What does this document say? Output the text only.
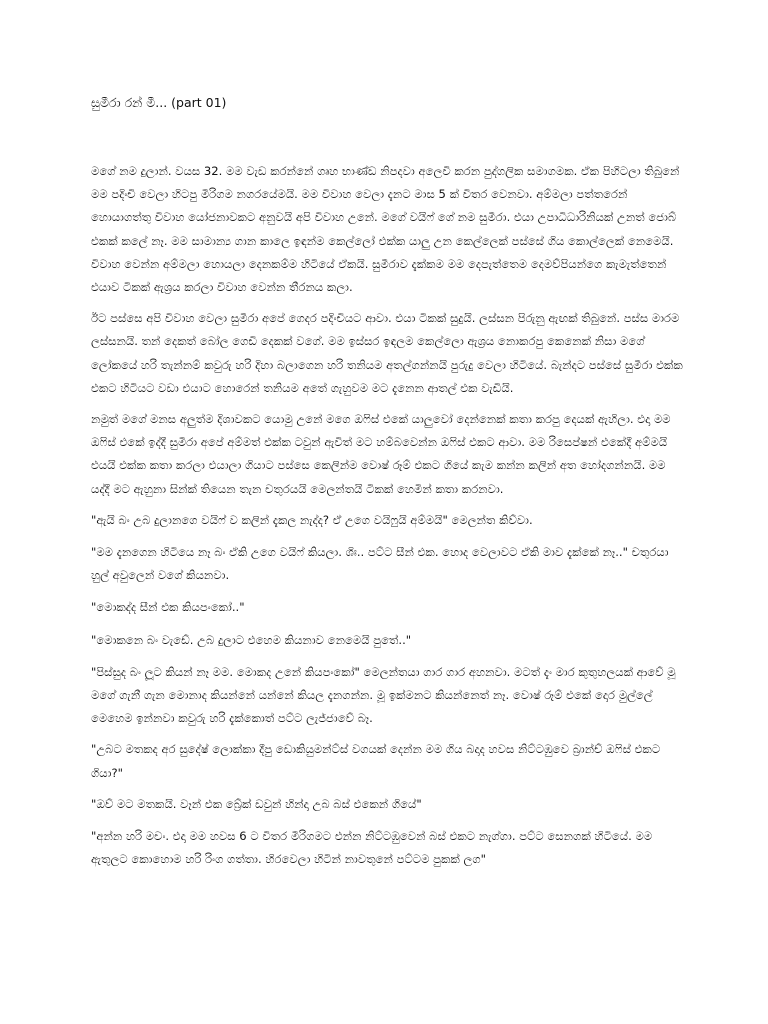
සුමීරා රන් මී... (part 01)

මගේ නම දුලාන්. වයස 32. මම වැඩ කරන්නේ ගෘහ භාණ්ඩ නිපදවා අලෙවි කරන පුද්ගලික සමාගමක. ඒක පිහිටලා තිබුනේ මම පදිංචි වෙලා හිටපු මීරිගම නගරයේමයි. මම විවාහ වෙලා දැනට මාස 5 ක් විතර වෙනවා. අම්මලා පත්තරෙන් හොයාගත්තු විවාහ යෝජනාවකට අනුවයි අපි විවාහ උනේ. මගේ වයිෆ් ගේ නම සුමීරා. එයා උපාධිධාරිනියක් උනත් ජොබ් එකක් කලේ නෑ. මම සාමාන්‍ය ගාන කාලෙ ඉඳන්ම කෙල්ලෝ එක්ක යාලු උන කෙල්ලෙක් පස්සේ ගිය කොල්ලෙක් නෙමෙයි. විවාහ වෙන්න අම්මලා හොයලා දෙනකම්ම හිටියේ ඒකයි. සුමීරාව දැක්කම මම දෙපැත්තෙම දෙමව්පියන්ගෙ කැමැත්තෙන් එයාව ටිකක් ඇශ්‍රය කරලා විවාහ වෙන්න තීරනය කලා.

ඊට පස්සෙ අපි විවාහ වෙලා සුමීරා අපේ ගෙදර පදිංචියට ආවා. එයා ටිකක් සුදුයි. ලස්සන පිරුනු ඇඟක් තිබුනේ. පස්ස මාරම ලස්සනයි. තන් දෙකත් බෝල ගෙඩි දෙකක් වගේ. මම ඉස්සර ඉඳලම කෙල්ලො ඇශ්‍රය නොකරපු කෙනෙක් නිසා මගේ ලෝකයේ හරි තැන්නම් කවුරු හරි දිහා බලාගෙන හරි තනියම අතල්ගන්නයි පුරුදු වෙලා හිටියේ. බැන්දට පස්සේ සුමීරා එක්ක එකට හිටියට වඩා එයාට හොරෙන් තනියම අතේ ගැහුවම මට දැනෙන ආතල් එක වැඩියි.

නමුත් මගේ මනස අලුත්ම දිශාවකට යොමු උනේ මගෙ ඔෆිස් එකේ යාලුවෝ දෙන්නෙක් කතා කරපු දෙයක් ඇහිලා. එදා මම ඔෆිස් එකේ ඉද්දී සුමීරා අපේ අම්මත් එක්ක ටවුන් ඇවිත් මට හම්බවෙන්න ඔෆිස් එකට ආවා. මම රිසෙප්ෂන් එකේදී අම්මයි එයයි එක්ක කතා කරලා එයාලා ගියාට පස්සෙ කෙලින්ම වොෂ් රූම් එකට ගියේ කැම කන්න කලින් අත හෝදගන්නයි. මම යද්දී මට ඇහුනා සින්ක් තියෙන තැන චතුරයයි මෙලන්තයි ටිකක් හෙමින් කතා කරනවා.

"ඇයි බං උබ දුලානගෙ වයිෆ් ව කලින් දැකල නැද්ද? ඒ උගෙ වයිෆුයි අම්මයි" මෙලන්ත කිව්වා.

"මම දැනගෙන හිටියෙ නෑ බං ඒකි උගෙ වයිෆ් කියලා. ශිඃ.. පට්ට සීන් එක. හොද වෙලාවට ඒකි මාව දැක්කේ නෑ.." චතුරයා හුල් අවුලෙන් වගේ කියනවා.

"මොකද්ද සීන් එක කියපංකෝ.."

"මොකනෙ බං වැඩේ. උබ දුලාට එහෙම කියනාව නෙමෙයි පුතේ.."

"පිස්සුද බං ලූට කියන් නෑ මම. මොකද උනේ කියපංකෝ" මෙලන්තයා ගාර ගාර අහනවා. මටත් දැං මාර කුතුහලයක් ආවේ මූ මගේ ගැනී ගැන මොනාද කියන්නේ යන්නේ කියල දැනගන්න. මූ ඉක්මනට කියන්නෙත් නෑ. වොෂ් රූම් එකේ දොර මුල්ලේ මෙහෙම ඉන්නවා කවුරු හරි දැක්කොත් පට්ට ලැජ්ජාවේ බෑ.

"උබට මතකද අර සුදේෂ් ලොක්කා දීපු ඩොකියුමන්ට්ස් වගයක් දෙන්න මම ගිය බදාද හවස නිට්ටඹුවෙ බ්‍රාන්ච් ඔෆිස් එකට ගියා?"

"ඔව් මට මතකයි. වෑන් එක බ්‍රේක් ඩවුන් හින්දා උබ බස් එකෙන් ගියේ"

"අන්න හරි මචං. එදා මම හවස 6 ට විතර මීරිගමට එන්න නිට්ටඹුවෙන් බස් එකට නැග්ගා. පට්ට සෙනගක් හිටියේ. මම ඇතුලට කොහොම හරි රිංග ගත්තා. හිරවෙලා හිටින් නාවතුනේ පට්ටම පුකක් ලග"
